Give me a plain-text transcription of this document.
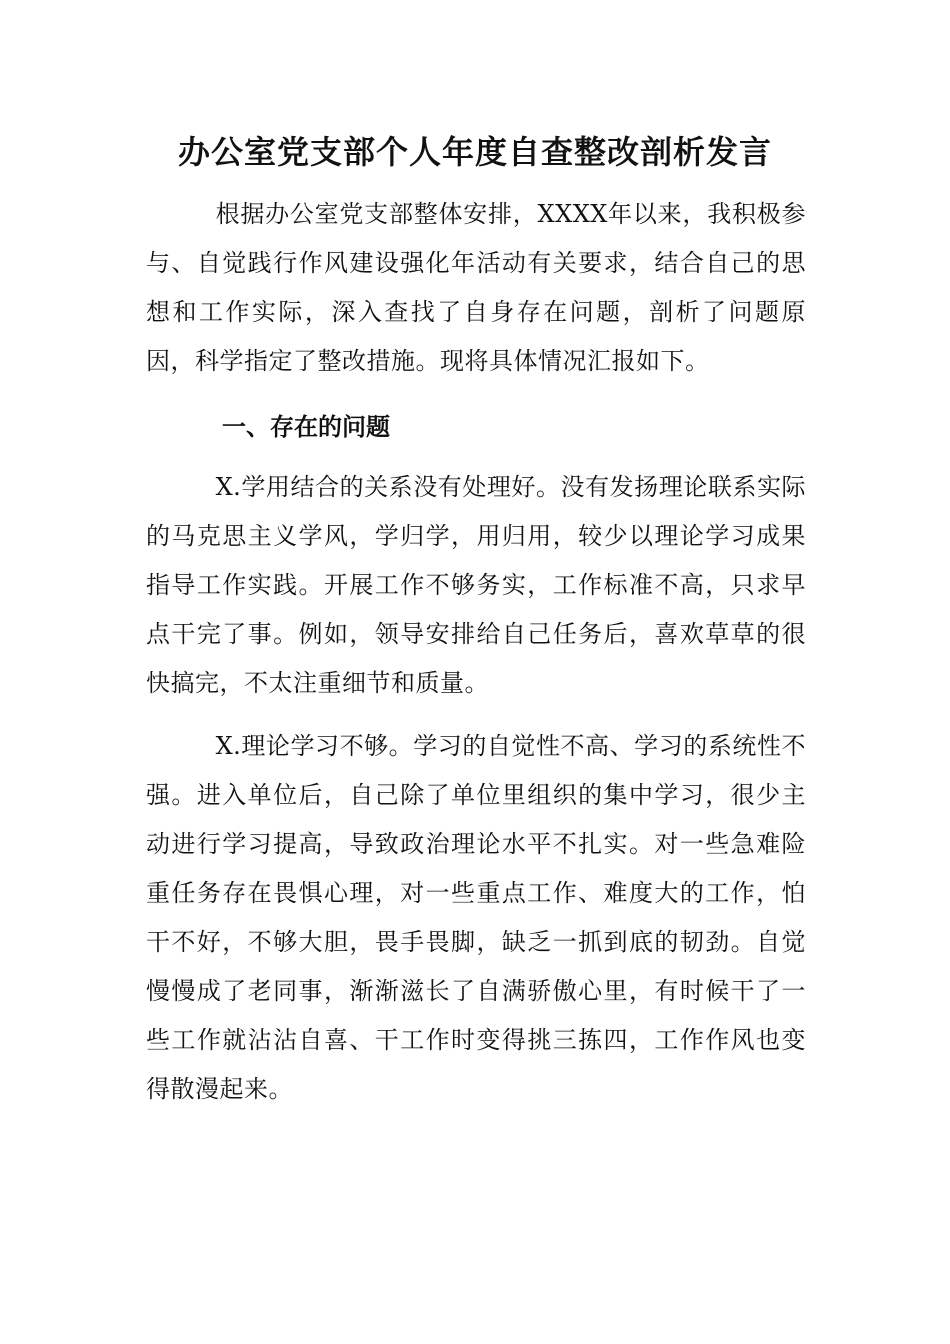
办公室党支部个人年度自查整改剖析发言
根据办公室党支部整体安排，XXXX年以来，我积极参与、自觉践行作风建设强化年活动有关要求，结合自己的思想和工作实际，深入查找了自身存在问题，剖析了问题原因，科学指定了整改措施。现将具体情况汇报如下。
一、存在的问题
X.学用结合的关系没有处理好。没有发扬理论联系实际的马克思主义学风，学归学，用归用，较少以理论学习成果指导工作实践。开展工作不够务实，工作标准不高，只求早点干完了事。例如，领导安排给自己任务后，喜欢草草的很快搞完，不太注重细节和质量。
X.理论学习不够。学习的自觉性不高、学习的系统性不强。进入单位后，自己除了单位里组织的集中学习，很少主动进行学习提高，导致政治理论水平不扎实。对一些急难险重任务存在畏惧心理，对一些重点工作、难度大的工作，怕干不好，不够大胆，畏手畏脚，缺乏一抓到底的韧劲。自觉慢慢成了老同事，渐渐滋长了自满骄傲心里，有时候干了一些工作就沾沾自喜、干工作时变得挑三拣四，工作作风也变得散漫起来。
